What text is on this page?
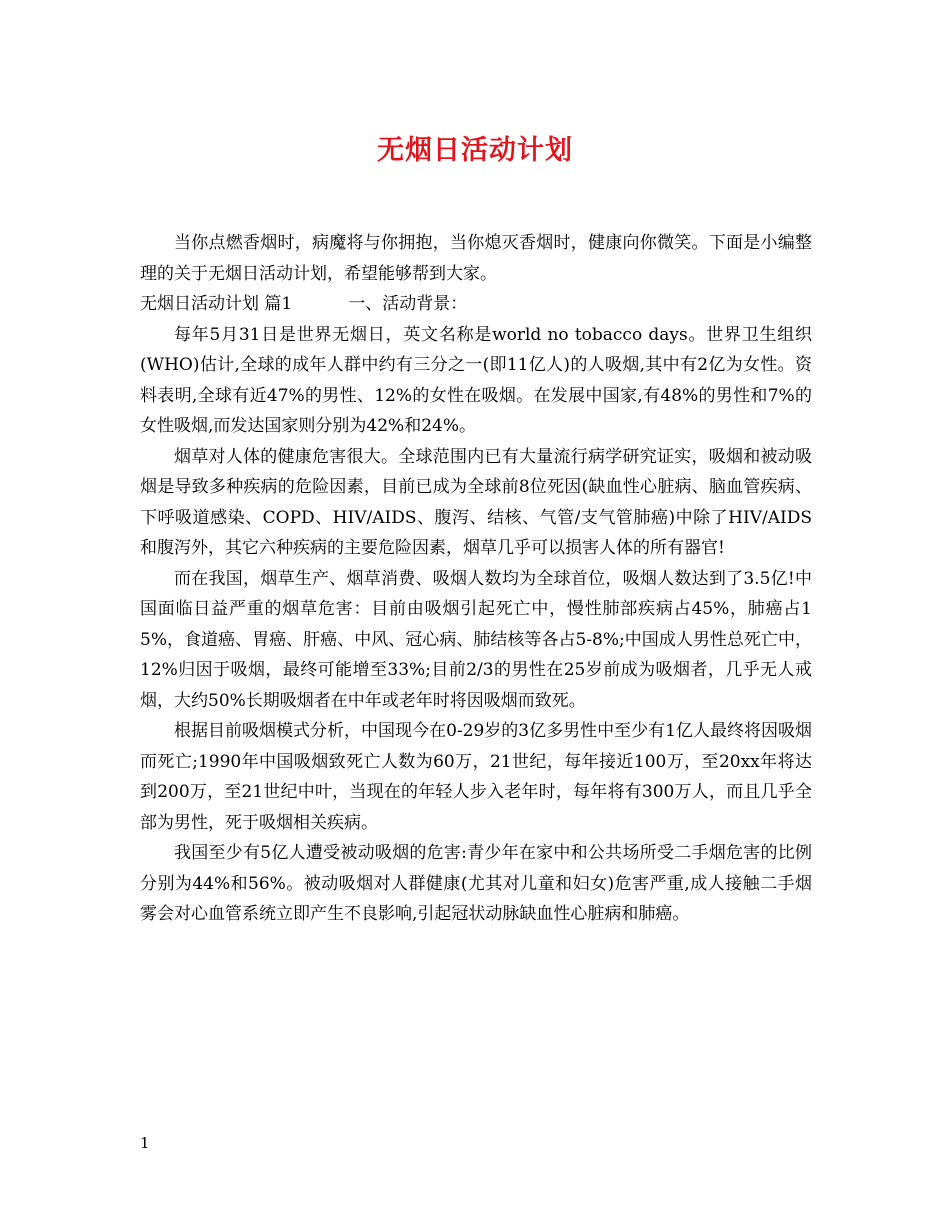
无烟日活动计划

当你点燃香烟时，病魔将与你拥抱，当你熄灭香烟时，健康向你微笑。下面是小编整理的关于无烟日活动计划，希望能够帮到大家。

无烟日活动计划 篇1	一、活动背景：

每年5月31日是世界无烟日，英文名称是world no tobacco days。世界卫生组织(WHO)估计,全球的成年人群中约有三分之一(即11亿人)的人吸烟,其中有2亿为女性。资料表明,全球有近47%的男性、12%的女性在吸烟。在发展中国家,有48%的男性和7%的女性吸烟,而发达国家则分别为42%和24%。

烟草对人体的健康危害很大。全球范围内已有大量流行病学研究证实，吸烟和被动吸烟是导致多种疾病的危险因素，目前已成为全球前8位死因(缺血性心脏病、脑血管疾病、下呼吸道感染、COPD、HIV/AIDS、腹泻、结核、气管/支气管肺癌)中除了HIV/AIDS和腹泻外，其它六种疾病的主要危险因素，烟草几乎可以损害人体的所有器官!

而在我国，烟草生产、烟草消费、吸烟人数均为全球首位，吸烟人数达到了3.5亿!中国面临日益严重的烟草危害：目前由吸烟引起死亡中，慢性肺部疾病占45%，肺癌占15%，食道癌、胃癌、肝癌、中风、冠心病、肺结核等各占5-8%;中国成人男性总死亡中，12%归因于吸烟，最终可能增至33%;目前2/3的男性在25岁前成为吸烟者，几乎无人戒烟，大约50%长期吸烟者在中年或老年时将因吸烟而致死。

根据目前吸烟模式分析，中国现今在0-29岁的3亿多男性中至少有1亿人最终将因吸烟而死亡;1990年中国吸烟致死亡人数为60万，21世纪，每年接近100万，至20xx年将达到200万，至21世纪中叶，当现在的年轻人步入老年时，每年将有300万人，而且几乎全部为男性，死于吸烟相关疾病。

我国至少有5亿人遭受被动吸烟的危害:青少年在家中和公共场所受二手烟危害的比例分别为44%和56%。被动吸烟对人群健康(尤其对儿童和妇女)危害严重,成人接触二手烟雾会对心血管系统立即产生不良影响,引起冠状动脉缺血性心脏病和肺癌。

1
